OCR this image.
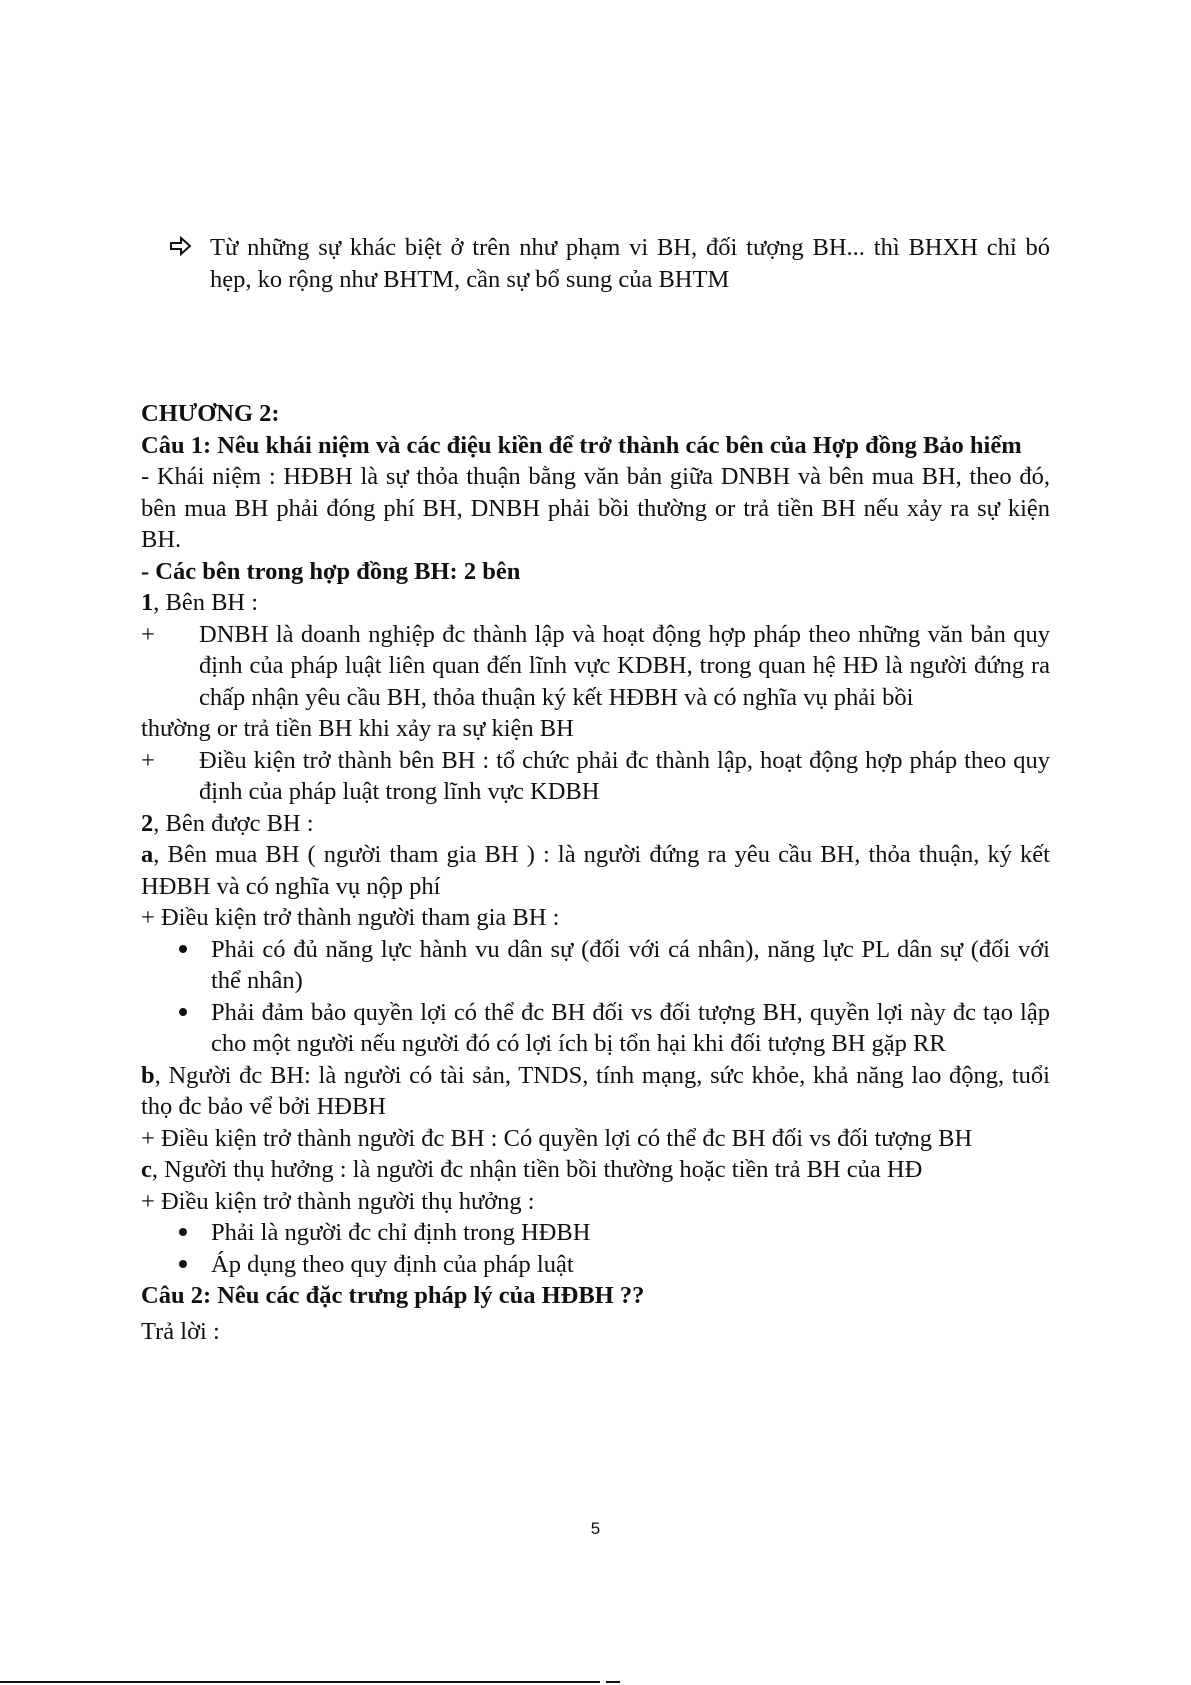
Từ những sự khác biệt ở trên như phạm vi BH, đối tượng BH... thì BHXH chỉ bó hẹp, ko rộng như BHTM, cần sự bổ sung của BHTM

CHƯƠNG 2:

Câu 1: Nêu khái niệm và các điệu kiền để trở thành các bên của Hợp đồng Bảo hiểm

- Khái niệm : HĐBH là sự thỏa thuận bằng văn bản giữa DNBH và bên mua BH, theo đó, bên mua BH phải đóng phí BH, DNBH phải bồi thường or trả tiền BH nếu xảy ra sự kiện BH.

- Các bên trong hợp đồng BH: 2 bên

1, Bên BH :

+	DNBH là doanh nghiệp đc thành lập và hoạt động hợp pháp theo những văn bản quy định của pháp luật liên quan đến lĩnh vực KDBH, trong quan hệ HĐ là người đứng ra chấp nhận yêu cầu BH, thỏa thuận ký kết HĐBH và có nghĩa vụ phải bồi

thường or trả tiền BH khi xảy ra sự kiện BH

+	Điều kiện trở thành bên BH : tổ chức phải đc thành lập, hoạt động hợp pháp theo quy định của pháp luật trong lĩnh vực KDBH

2, Bên được BH :

a, Bên mua BH ( người tham gia BH ) : là người đứng ra yêu cầu BH, thỏa thuận, ký kết HĐBH và có nghĩa vụ nộp phí

+ Điều kiện trở thành người tham gia BH :

Phải có đủ năng lực hành vu dân sự (đối với cá nhân), năng lực PL dân sự (đối với thể nhân)
Phải đảm bảo quyền lợi có thể đc BH đối vs đối tượng BH, quyền lợi này đc tạo lập cho một người nếu người đó có lợi ích bị tổn hại khi đối tượng BH gặp RR

b, Người đc BH: là người có tài sản, TNDS, tính mạng, sức khỏe, khả năng lao động, tuổi thọ đc bảo vể bởi HĐBH

+ Điều kiện trở thành người đc BH : Có quyền lợi có thể đc BH đối vs đối tượng BH

c, Người thụ hưởng : là người đc nhận tiền bồi thường hoặc tiền trả BH của HĐ

+ Điều kiện trở thành người thụ hưởng :

Phải là người đc chỉ định trong HĐBH
Áp dụng theo quy định của pháp luật

Câu 2: Nêu các đặc trưng pháp lý của HĐBH ??

Trả lời :

5
